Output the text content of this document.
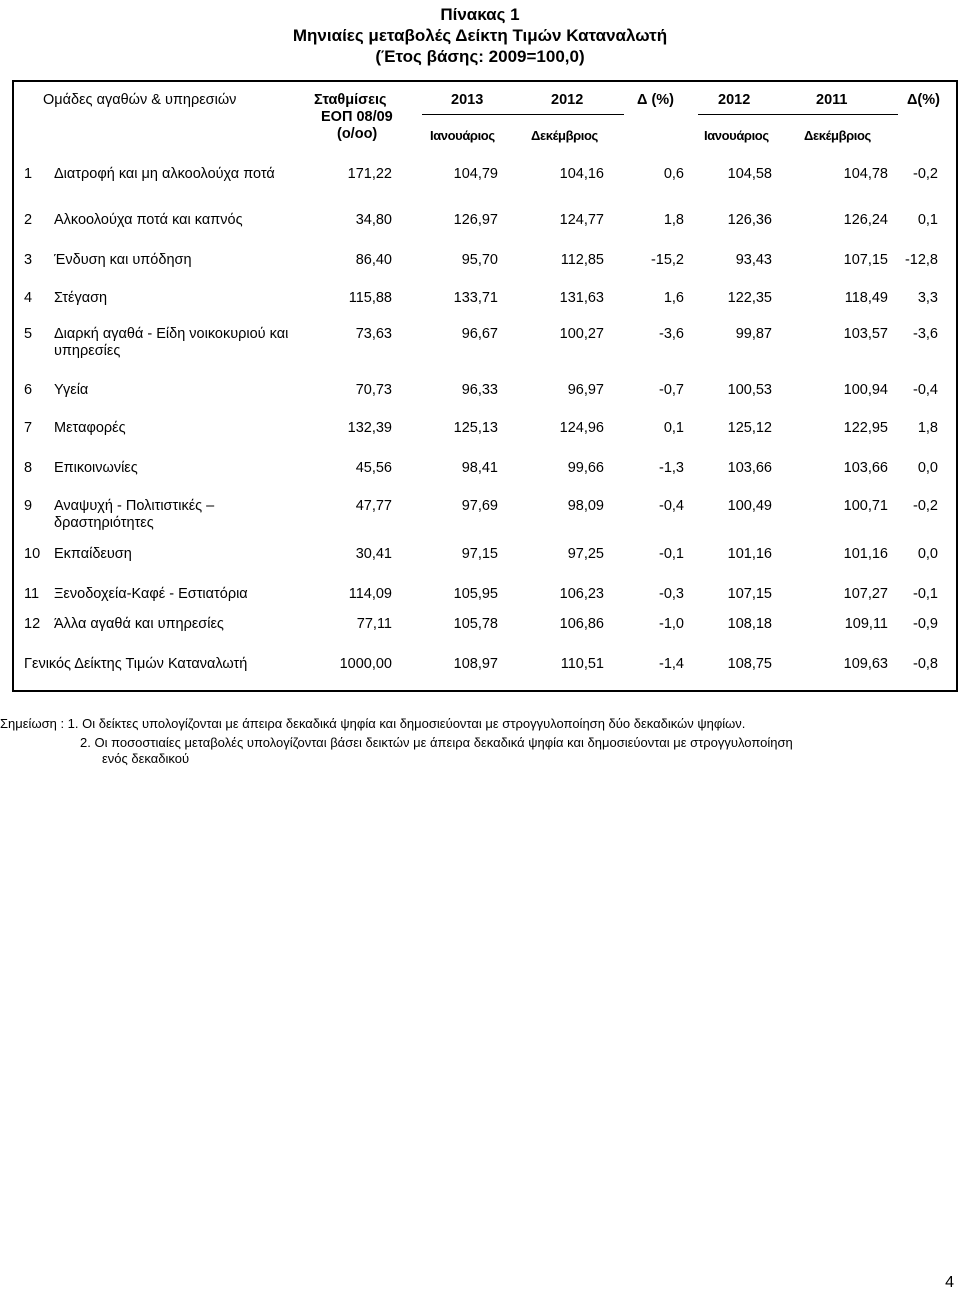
Πίνακας 1
Μηνιαίες μεταβολές Δείκτη Τιμών Καταναλωτή
(Έτος βάσης: 2009=100,0)
Ομάδες αγαθών & υπηρεσιών	Σταθμίσεις
ΕΟΠ 08/09
(ο/οο)
2013	2012	Δ (%)	2012	2011	Δ(%)
Ιανουάριος	Δεκέμβριος	Ιανουάριος	Δεκέμβριος
1 Διατροφή και μη αλκοολούχα ποτά	171,22	104,79	104,16	0,6	104,58	104,78 -0,2
2 Αλκοολούχα ποτά και καπνός	34,80	126,97	124,77	1,8	126,36	126,24 0,1
3 Ένδυση και υπόδηση	86,40	95,70	112,85	-15,2	93,43	107,15 -12,8
4 Στέγαση	115,88	133,71	131,63	1,6	122,35	118,49 3,3
5 Διαρκή αγαθά - Είδη νοικοκυριού και υπηρεσίες
73,63	96,67	100,27	-3,6	99,87	103,57 -3,6
6 Υγεία	70,73	96,33	96,97	-0,7	100,53	100,94 -0,4
7 Μεταφορές	132,39	125,13	124,96	0,1	125,12	122,95 1,8
8 Επικοινωνίες	45,56	98,41	99,66	-1,3	103,66	103,66 0,0
9 Αναψυχή - Πολιτιστικές – δραστηριότητες
47,77	97,69	98,09	-0,4	100,49	100,71 -0,2
10 Εκπαίδευση	30,41	97,15	97,25	-0,1	101,16	101,16 0,0
11 Ξενοδοχεία-Καφέ - Εστιατόρια	114,09	105,95	106,23	-0,3	107,15	107,27 -0,1
12 Άλλα αγαθά και υπηρεσίες	77,11	105,78	106,86	-1,0	108,18	109,11 -0,9
Γενικός Δείκτης Τιμών Καταναλωτή	1000,00	108,97	110,51	-1,4	108,75	109,63 -0,8
Σημείωση : 1. Οι δείκτες υπολογίζονται με άπειρα δεκαδικά ψηφία και δημοσιεύονται με στρογγυλοποίηση δύο δεκαδικών ψηφίων.
2. Οι ποσοστιαίες μεταβολές υπολογίζονται βάσει δεικτών με άπειρα δεκαδικά ψηφία και δημοσιεύονται με στρογγυλοποίηση
ενός δεκαδικού
4
